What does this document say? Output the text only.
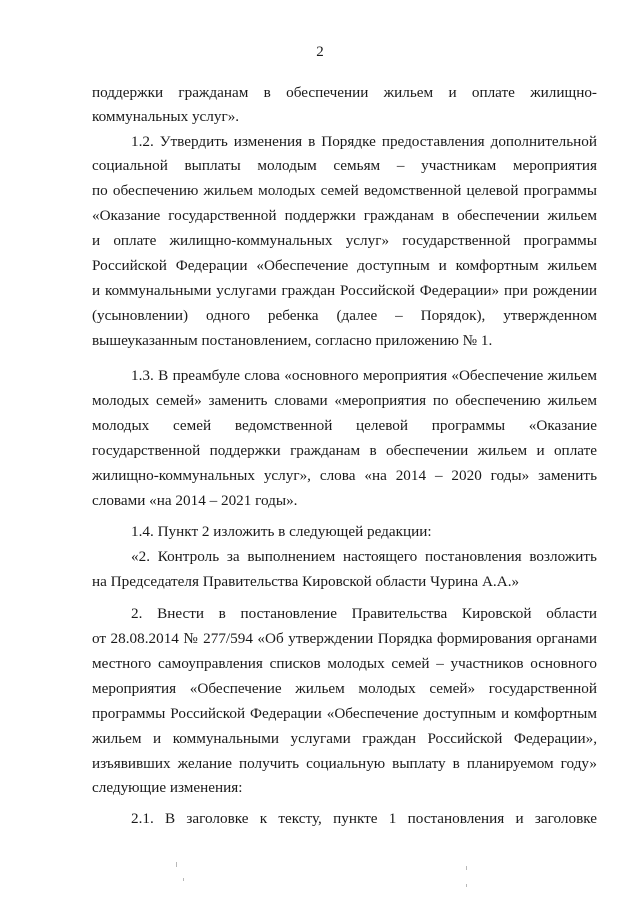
2
поддержки гражданам в обеспечении жильем и оплате жилищно-
коммунальных услуг».
1.2. Утвердить изменения в Порядке предоставления дополнительной
социальной выплаты молодым семьям – участникам мероприятия
по обеспечению жильем молодых семей ведомственной целевой программы
«Оказание государственной поддержки гражданам в обеспечении жильем
и оплате жилищно-коммунальных услуг» государственной программы
Российской Федерации «Обеспечение доступным и комфортным жильем
и коммунальными услугами граждан Российской Федерации» при рождении
(усыновлении) одного ребенка (далее – Порядок), утвержденном
вышеуказанным постановлением, согласно приложению № 1.
1.3. В преамбуле слова «основного мероприятия «Обеспечение жильем
молодых семей» заменить словами «мероприятия по обеспечению жильем
молодых семей ведомственной целевой программы «Оказание
государственной поддержки гражданам в обеспечении жильем и оплате
жилищно-коммунальных услуг», слова «на 2014 – 2020 годы» заменить
словами «на 2014 – 2021 годы».
1.4. Пункт 2 изложить в следующей редакции:
«2. Контроль за выполнением настоящего постановления возложить
на Председателя Правительства Кировской области Чурина А.А.»
2. Внести в постановление Правительства Кировской области
от 28.08.2014 № 277/594 «Об утверждении Порядка формирования органами
местного самоуправления списков молодых семей – участников основного
мероприятия «Обеспечение жильем молодых семей» государственной
программы Российской Федерации «Обеспечение доступным и комфортным
жильем и коммунальными услугами граждан Российской Федерации»,
изъявивших желание получить социальную выплату в планируемом году»
следующие изменения:
2.1. В заголовке к тексту, пункте 1 постановления и заголовке
